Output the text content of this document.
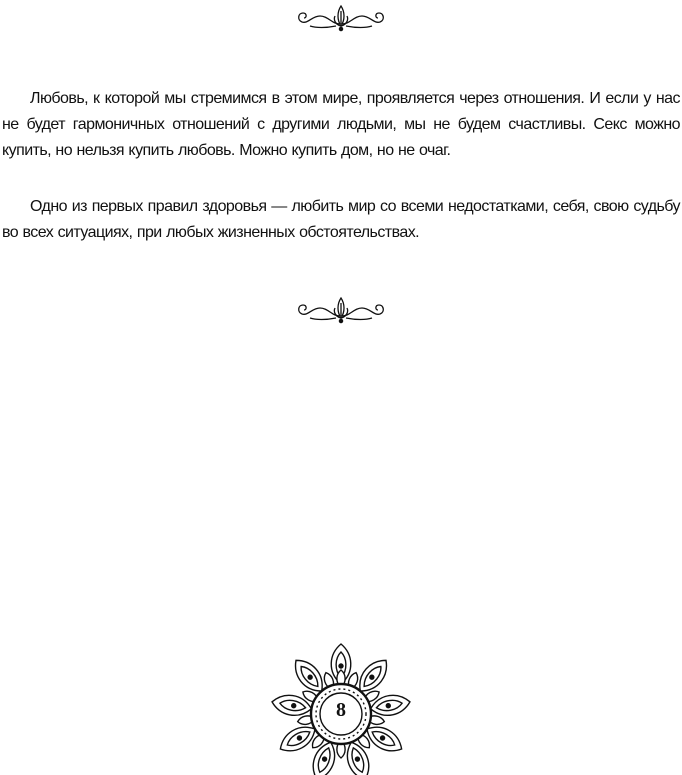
Любовь, к которой мы стремимся в этом мире, проявляется через отношения. И если у нас не будет гармоничных отношений с другими людьми, мы не будем счастливы. Секс можно купить, но нельзя купить любовь. Можно купить дом, но не очаг.

Одно из первых правил здоровья — любить мир со всеми недостатками, себя, свою судьбу во всех ситуациях, при любых жизненных обстоятельствах.

8
